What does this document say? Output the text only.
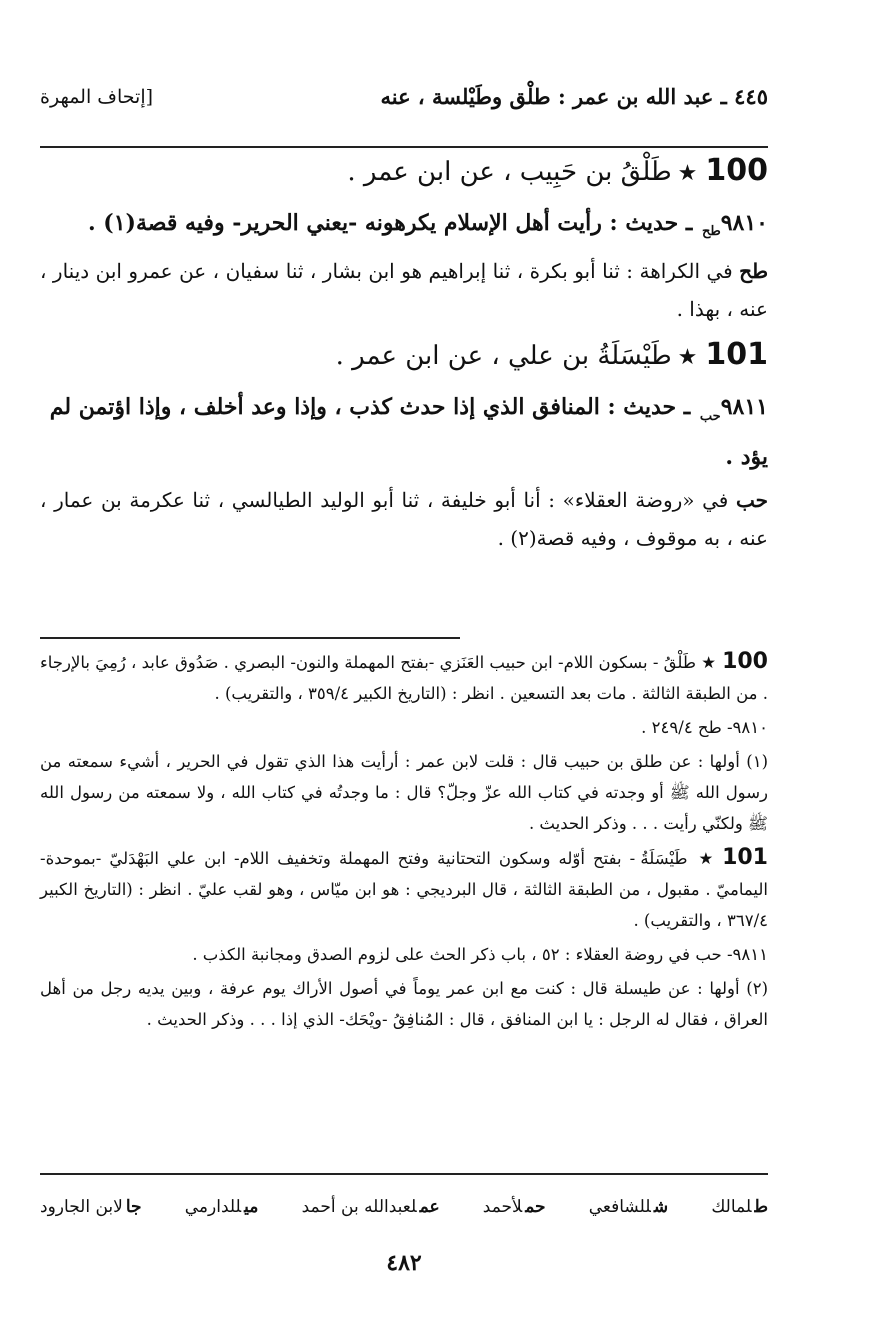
٤٤٥ ـ عبد الله بن عمر : طلْق وطَيْلسة ، عنه
[إتحاف المهرة

100★طَلْقُ بن حَبِيب ، عن ابن عمر .

$٩٨١٠_{طح}$ ـ حديث : رأيت أهل الإسلام يكرهونه -يعني الحرير- وفيه قصة(١) .

طح في الكراهة : ثنا أبو بكرة ، ثنا إبراهيم هو ابن بشار ، ثنا سفيان ، عن عمرو ابن دينار ، عنه ، بهذا .

101★طَيْسَلَةُ بن علي ، عن ابن عمر .

$٩٨١١_{حب}$ ـ حديث : المنافق الذي إذا حدث كذب ، وإذا وعد أخلف ، وإذا اؤتمن لم يؤد .

حب في «روضة العقلاء» : أنا أبو خليفة ، ثنا أبو الوليد الطيالسي ، ثنا عكرمة بن عمار ، عنه ، به موقوف ، وفيه قصة(٢) .

100★ طَلْقُ - بسكون اللام- ابن حبيب العَنَزي -بفتح المهملة والنون- البصري . صَدُوق عابد ، رُمِيَ بالإرجاء . من الطبقة الثالثة . مات بعد التسعين . انظر : (التاريخ الكبير ٣٥٩/٤ ، والتقريب) .

٩٨١٠- طح ٢٤٩/٤ .

(١) أولها : عن طلق بن حبيب قال : قلت لابن عمر : أرأيت هذا الذي تقول في الحرير ، أشيء سمعته من رسول الله ﷺ أو وجدته في كتاب الله عزّ وجلّ؟ قال : ما وجدتُه في كتاب الله ، ولا سمعته من رسول الله ﷺ ولكنّي رأيت . . . وذكر الحديث .

101★ طَيْسَلَةُ - بفتح أوّله وسكون التحتانية وفتح المهملة وتخفيف اللام- ابن علي البَهْدَليّ -بموحدة- اليماميّ . مقبول ، من الطبقة الثالثة ، قال البرديجي : هو ابن ميّاس ، وهو لقب عليّ . انظر : (التاريخ الكبير ٣٦٧/٤ ، والتقريب) .

٩٨١١- حب في روضة العقلاء : ٥٢ ، باب ذكر الحث على لزوم الصدق ومجانبة الكذب .

(٢) أولها : عن طيسلة قال : كنت مع ابن عمر يوماً في أصول الأراك يوم عرفة ، وبين يديه رجل من أهل العراق ، فقال له الرجل : يا ابن المنافق ، قال : المُنافِقُ -ويْحَك- الذي إذا . . . وذكر الحديث .

طلمالك
شللشافعي
حملأحمد
عملعبدالله بن أحمد
ميللدارمي
جالابن الجارود
٤٨٢
